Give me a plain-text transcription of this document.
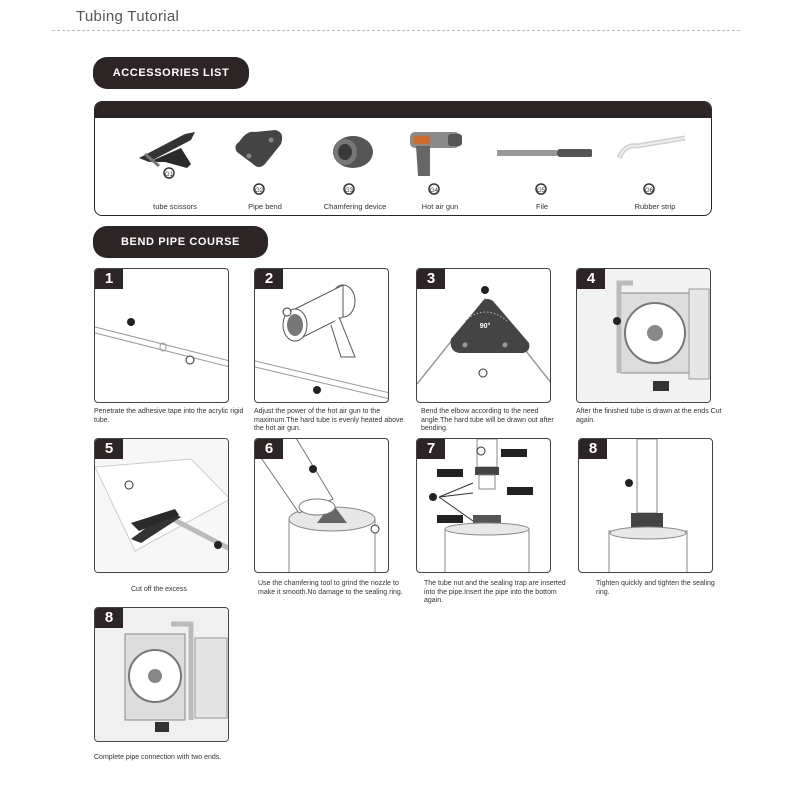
Tubing Tutorial
ACCESSORIES LIST
G1
tube scissors
G2
Pipe bend
G3
Chamfering device
G4
Hot air gun
G5
File
G6
Rubber strip
BEND PIPE COURSE
1
Penetrate the adhesive tape into the acrylic rigid tube.
2
Adjust the power of the hot air gun to the maximum.The hard tube is evenly heated above the hot air gun.
90°
3
Bend the elbow according to the need angle.The hard tube will be drawn out after bending.
4
After the finished tube is drawn at the ends Cut again.
5
Cut off the excess
6
Use the chamfering tool to grind the nozzle to make it smooth.No damage to the sealing ring.
7
The tube nut and the sealing trap are inserted into the pipe.Insert the pipe into the bottom again.
8
Tighten quickly and tighten the sealing ring.
8
Complete pipe connection with two ends.
